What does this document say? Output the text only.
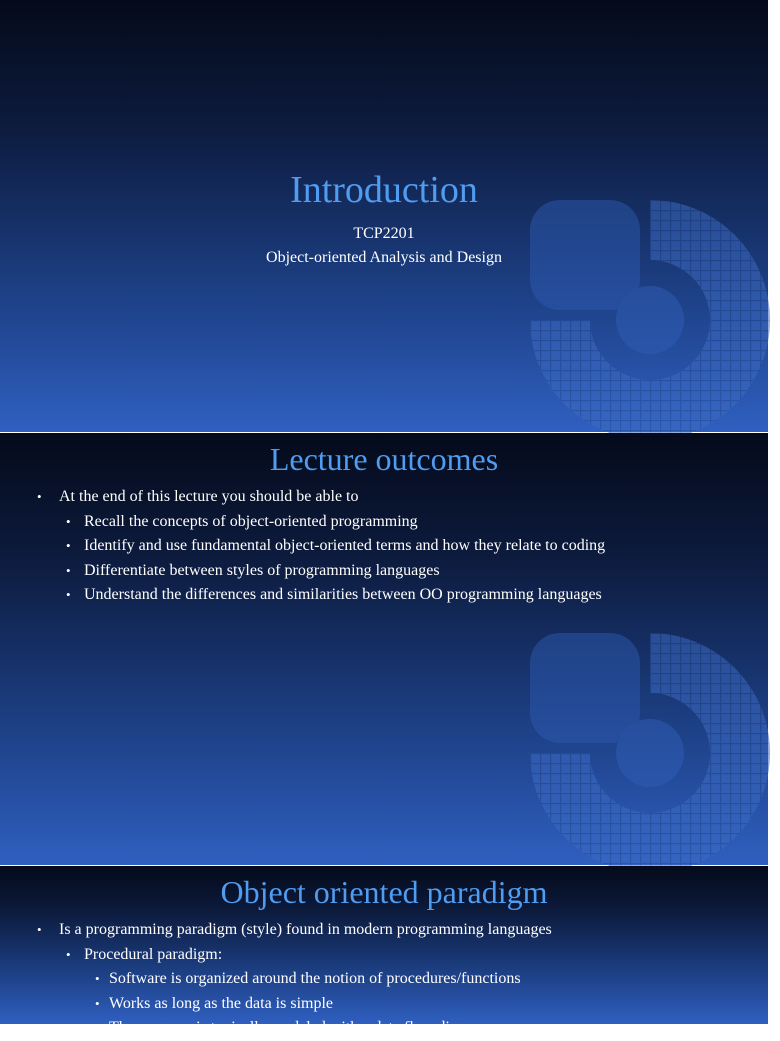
Introduction
TCP2201
Object-oriented Analysis and Design
Lecture outcomes
• At the end of this lecture you should be able to
• Recall the concepts of object-oriented programming
• Identify and use fundamental object-oriented terms and how they relate to coding
• Differentiate between styles of programming languages
• Understand the differences and similarities between OO programming languages
Object oriented paradigm
• Is a programming paradigm (style) found in modern programming languages
• Procedural paradigm:
• Software is organized around the notion of procedures/functions
• Works as long as the data is simple
• The program is typically modeled with a data flow diagram
